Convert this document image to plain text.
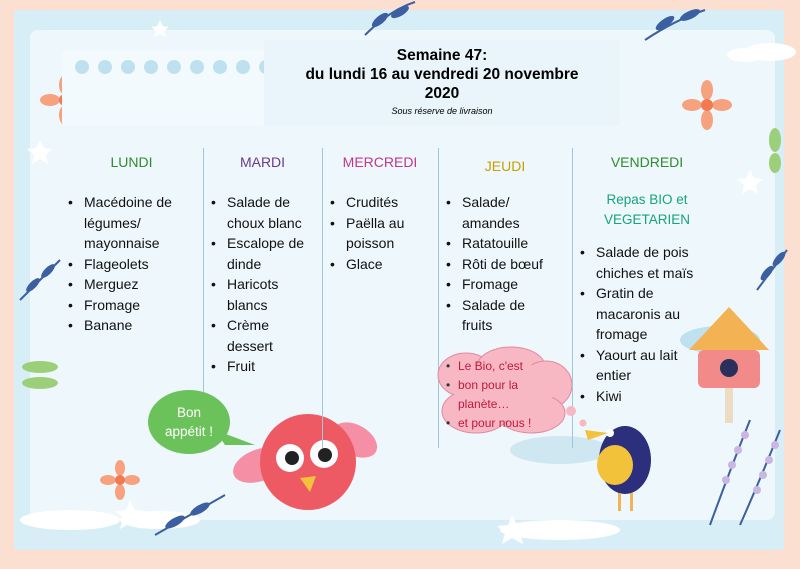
Semaine 47:
du lundi 16 au vendredi 20 novembre
2020
Sous réserve de livraison
LUNDI
• Macédoine de
légumes/
mayonnaise
• Flageolets
• Merguez
• Fromage
• Banane
MARDI
• Salade de
choux blanc
• Escalope de
dinde
• Haricots
blancs
• Crème
dessert
• Fruit
MERCREDI
• Crudités
• Paëlla au
poisson
• Glace
JEUDI
• Salade/
amandes
• Ratatouille
• Rôti de bœuf
• Fromage
• Salade de
fruits
VENDREDI
Repas BIO et
VEGETARIEN
• Salade de pois
chiches et maïs
• Gratin de
macaronis au
fromage
• Yaourt au lait
entier
• Kiwi
Bon
appétit !
• Le Bio, c'est
• bon pour la
planète…
• et pour nous !
